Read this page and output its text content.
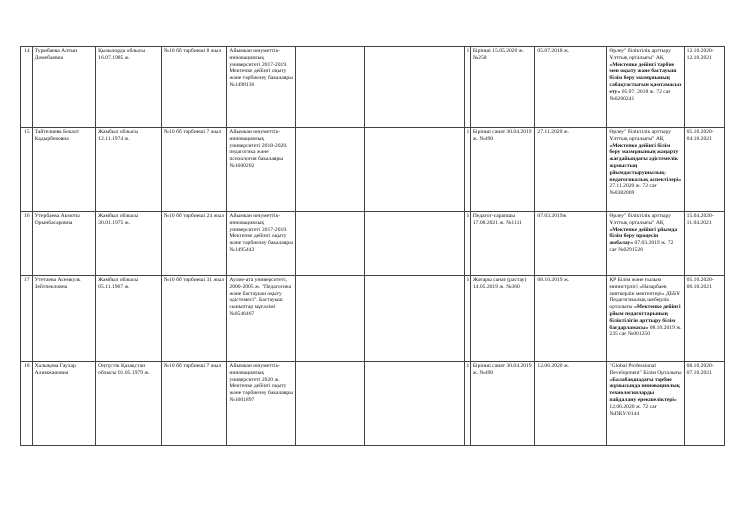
14	Турмбаева Алтын Домебаевна	Қызылорда облысы 16.07.1985 ж.	№10 бб тәрбиеші 8 жыл	Айымкан юнуметтік-инновациялық университеті 2017-2019. Мектепке дейінгі оқыту және тәрбиелеу бакалавры №1498136			1	Бірінші 15.05.2020 ж. №258	05.07.2018 ж.	Өрлеу" біліктілік арттыру Ұлттық орталығы" АҚ «Мектепке дейінгі тәрбие мен оқыту және бастауыш білім беру мазмұнының сабақтастығын қамтамасыз ету» 05.07. 2018 ж. 72 сағ №0260241	12.10.2020-12.10.2021
15	Тайтелиева Бекалт Кадырбековна	Жамбыл облысы 12.11.1974 ж.	№10 бб тәрбиеші 7 жыл	Айымкан юнуметтік-инновациялық университеті 2018-2020. педагогика және психология бакалавры №1600202			1	Бірінші санат 30.04.2019 ж. №490	27.11.2020 ж.	Өрлеу" біліктілік арттыру Ұлттық орталығы" АҚ «Мектепке дейінгі білім беру мазмұнының жаңарту жағдайындағы әдістемелік жұмыстың ұйымдастырушылық-педагогикалық аспектілері» 27.11.2020 ж. 72 сағ №0382069	05.10.2020-04.10.2021
16	Утербаева Акмоты Орынбасаровна	Жамбыл облысы 30.01.1975 ж.	№10 бб тәрбиеші 24 жыл	Айымкан юнуметтік-инновациялық университеті 2017-2019. Мектепке дейінгі оқыту және тәрбиелеу бакалавры №1495442			1	Педагог-сарапшы 17.08.2021 ж. №1111	07.03.2019ж	Өрлеу" біліктілік арттыру Ұлттық орталығы" АҚ «Мектепке дейінгі ұйымда білім беру процесін жобалау» 07.03.2019 ж. 72 сағ №0291526	15.04.2020-11.04.2021
17	Утетаева Асемкуль Зейтпекловна	Жамбыл облысы 05.11.1967 ж.	№10 бб тәрбиеші 31 жыл	Аулие-ата университеті, 2000-2005 ж. "Педагогика және бастауыш оқыту әдістемесі". Бастауыш сыныптар мұғалімі №0546467			1	Жоғары санат (растау) 14.05.2019 ж. №360	08.10.2019 ж.	ҚР Білім және ғылым министрлігі «Назарбаев зияткерлік мектептері» ДББҰ Педагогикалық шеберлік орталығы «Мектепке дейінгі ұйым педагогтарының біліктілігін арттыру білім бағдарламасы» 08.10.2019 ж. 235 сағ №001250	05.10.2020-06.10.2021
18	Халықова Гаухар Алимжановна	Оңтүстік Қазақстан облысы 01.05.1979 ж.	№10 бб тәрбиеші 7 жыл	Айымкан юнуметтік-инновациялық университеті 2020 ж. Мектепке дейінгі оқыту және тәрбиелеу бакалавры №1601897			1	Бірінші санат 30.04.2019 ж. №490	12.06.2020 ж.	"Global Professional Development" Білім Орталығы «Балабақшадағы тәрбие жұмысында инновациялық технологияларды пайдалану ерекшеліктері» 12.06.2020 ж. 72 сағ №ПКУ/0144	08.10.2020-07.10.2021
